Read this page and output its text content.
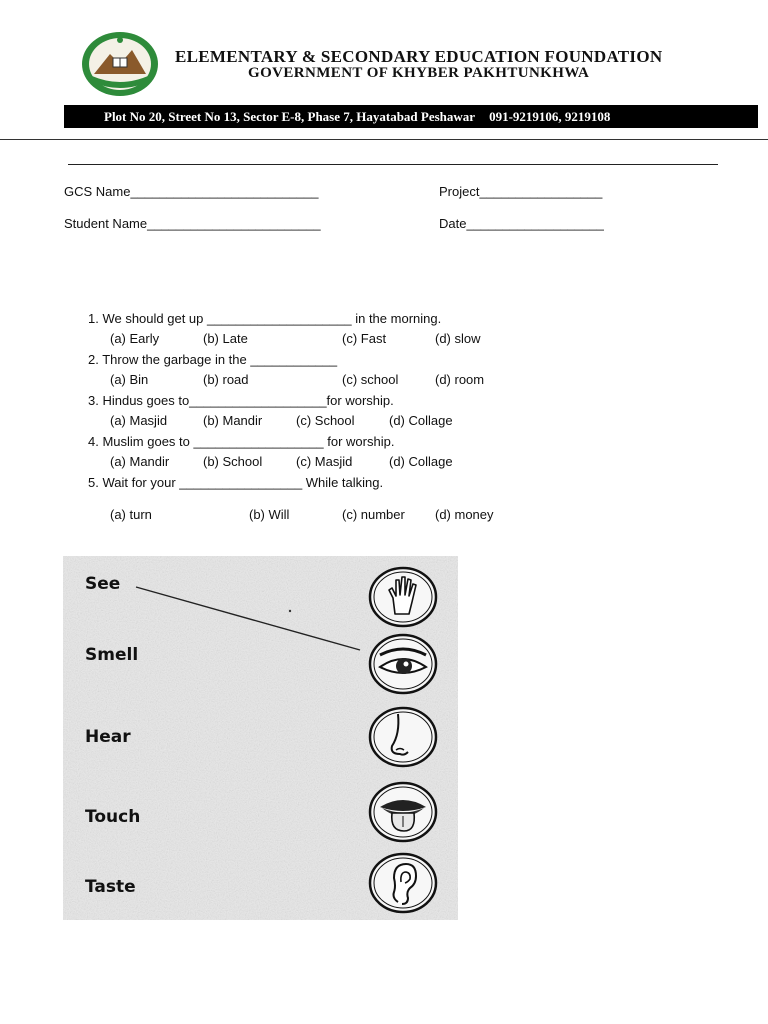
ELEMENTARY & SECONDARY EDUCATION FOUNDATION
GOVERNMENT OF KHYBER PAKHTUNKHWA
Plot No 20, Street No 13, Sector E-8, Phase 7, Hayatabad Peshawar 091-9219106, 9219108
GCS Name__________________________	Project_________________
Student Name________________________	Date___________________
1. We should get up ____________________ in the morning.
(a) Early	(b) Late	(c) Fast	(d) slow
2. Throw the garbage in the ____________
(a) Bin	(b) road	(c) school	(d) room
3. Hindus goes to___________________for worship.
(a) Masjid	(b) Mandir	(c) School	(d) Collage
4. Muslim goes to __________________ for worship.
(a) Mandir	(b) School	(c) Masjid	(d) Collage
5. Wait for your _________________ While talking.
(a) turn	(b) Will	(c) number (d) money
See
Smell
Hear
Touch
Taste
